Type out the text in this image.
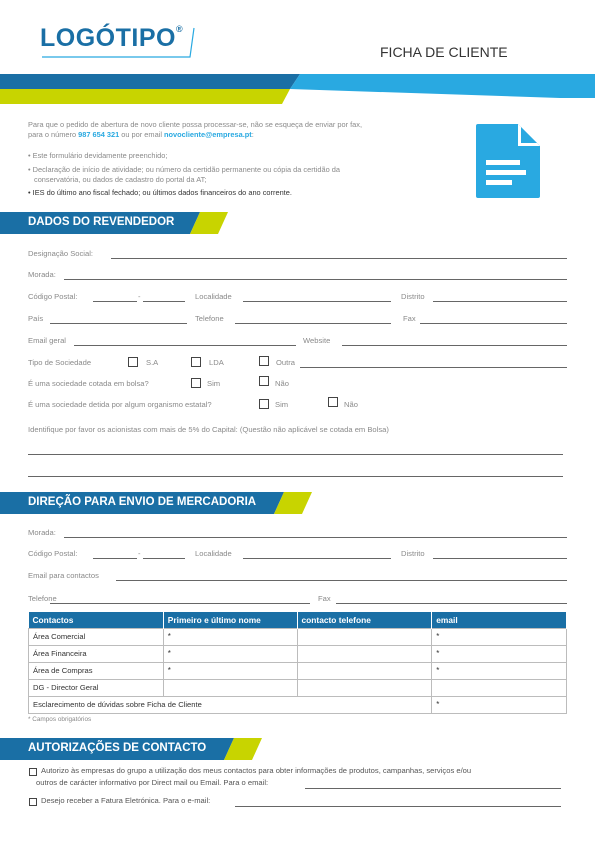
LOGÓTIPO®
FICHA DE CLIENTE
Para que o pedido de abertura de novo cliente possa processar-se, não se esqueça de enviar por fax,
para o número 987 654 321 ou por email novocliente@empresa.pt:
• Este formulário devidamente preenchido;
• Declaração de início de atividade; ou número da certidão permanente ou cópia da certidão da
conservatória, ou dados de cadastro do portal da AT;
• IES do último ano fiscal fechado; ou últimos dados financeiros do ano corrente.
DADOS DO REVENDEDOR
Designação Social:
Morada:
Código Postal:	-	Localidade	Distrito
País	Telefone	Fax
Email geral	Website
Tipo de Sociedade	S.A	LDA	Outra
É uma sociedade cotada em bolsa?	Sim	Não
É uma sociedade detida por algum organismo estatal?	Sim	Não
Identifique por favor os acionistas com mais de 5% do Capital: (Questão não aplicável se cotada em Bolsa)
DIREÇÃO PARA ENVIO DE MERCADORIA
Morada:
Código Postal:	-	Localidade	Distrito
Email para contactos
Telefone	Fax
Contactos	Primeiro e último nome	contacto telefone	email
Área Comercial	*		*
Área Financeira	*		*
Área de Compras	*		*
DG - Director Geral			
Esclarecimento de dúvidas sobre Ficha de Cliente			*
* Campos obrigatórios
AUTORIZAÇÕES DE CONTACTO
Autorizo às empresas do grupo a utilização dos meus contactos para obter informações de produtos, campanhas, serviços e/ou
outros de carácter informativo por Direct mail ou Email. Para o email:
Desejo receber a Fatura Eletrónica. Para o e-mail:
